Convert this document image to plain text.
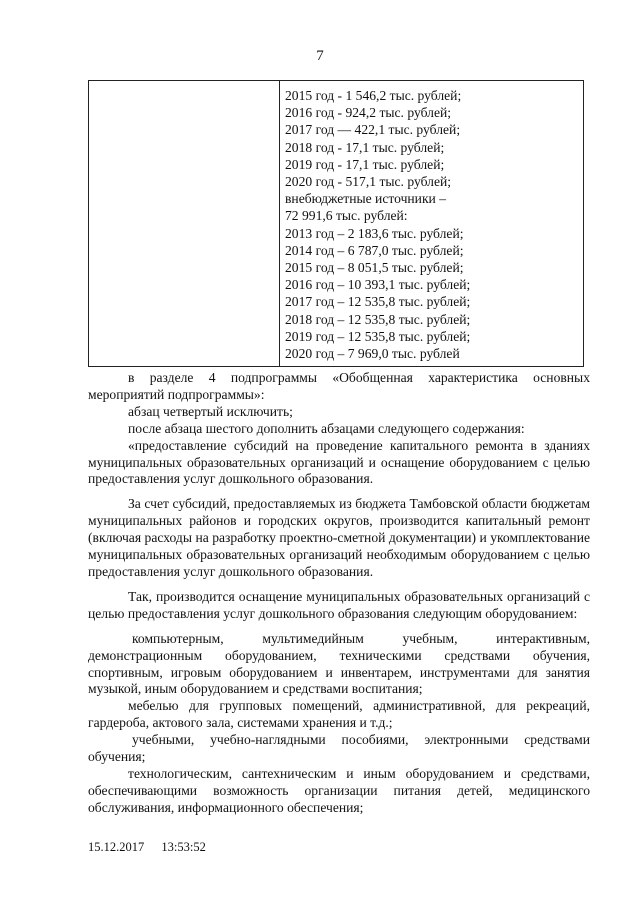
7
2015 год - 1 546,2 тыс. рублей;
2016 год - 924,2 тыс. рублей;
2017 год — 422,1 тыс. рублей;
2018 год - 17,1 тыс. рублей;
2019 год - 17,1 тыс. рублей;
2020 год - 517,1 тыс. рублей;
внебюджетные источники –
72 991,6 тыс. рублей:
2013 год – 2 183,6 тыс. рублей;
2014 год – 6 787,0 тыс. рублей;
2015 год – 8 051,5 тыс. рублей;
2016 год – 10 393,1 тыс. рублей;
2017 год – 12 535,8 тыс. рублей;
2018 год – 12 535,8 тыс. рублей;
2019 год – 12 535,8 тыс. рублей;
2020 год – 7 969,0 тыс. рублей

в разделе 4 подпрограммы «Обобщенная характеристика основных мероприятий подпрограммы»:

абзац четвертый исключить;

после абзаца шестого дополнить абзацами следующего содержания:

«предоставление субсидий на проведение капитального ремонта в зданиях муниципальных образовательных организаций и оснащение оборудованием с целью предоставления услуг дошкольного образования.

За счет субсидий, предоставляемых из бюджета Тамбовской области бюджетам муниципальных районов и городских округов, производится капитальный ремонт (включая расходы на разработку проектно-сметной документации) и укомплектование муниципальных образовательных организаций необходимым оборудованием с целью предоставления услуг дошкольного образования.

Так, производится оснащение муниципальных образовательных организаций с целью предоставления услуг дошкольного образования следующим оборудованием:

компьютерным, мультимедийным учебным, интерактивным, демонстрационным оборудованием, техническими средствами обучения, спортивным, игровым оборудованием и инвентарем, инструментами для занятия музыкой, иным оборудованием и средствами воспитания;

мебелью для групповых помещений, административной, для рекреаций, гардероба, актового зала, системами хранения и т.д.;

учебными, учебно-наглядными пособиями, электронными средствами обучения;

технологическим, сантехническим и иным оборудованием и средствами, обеспечивающими возможность организации питания детей, медицинского обслуживания, информационного обеспечения;

15.12.2017 13:53:52
